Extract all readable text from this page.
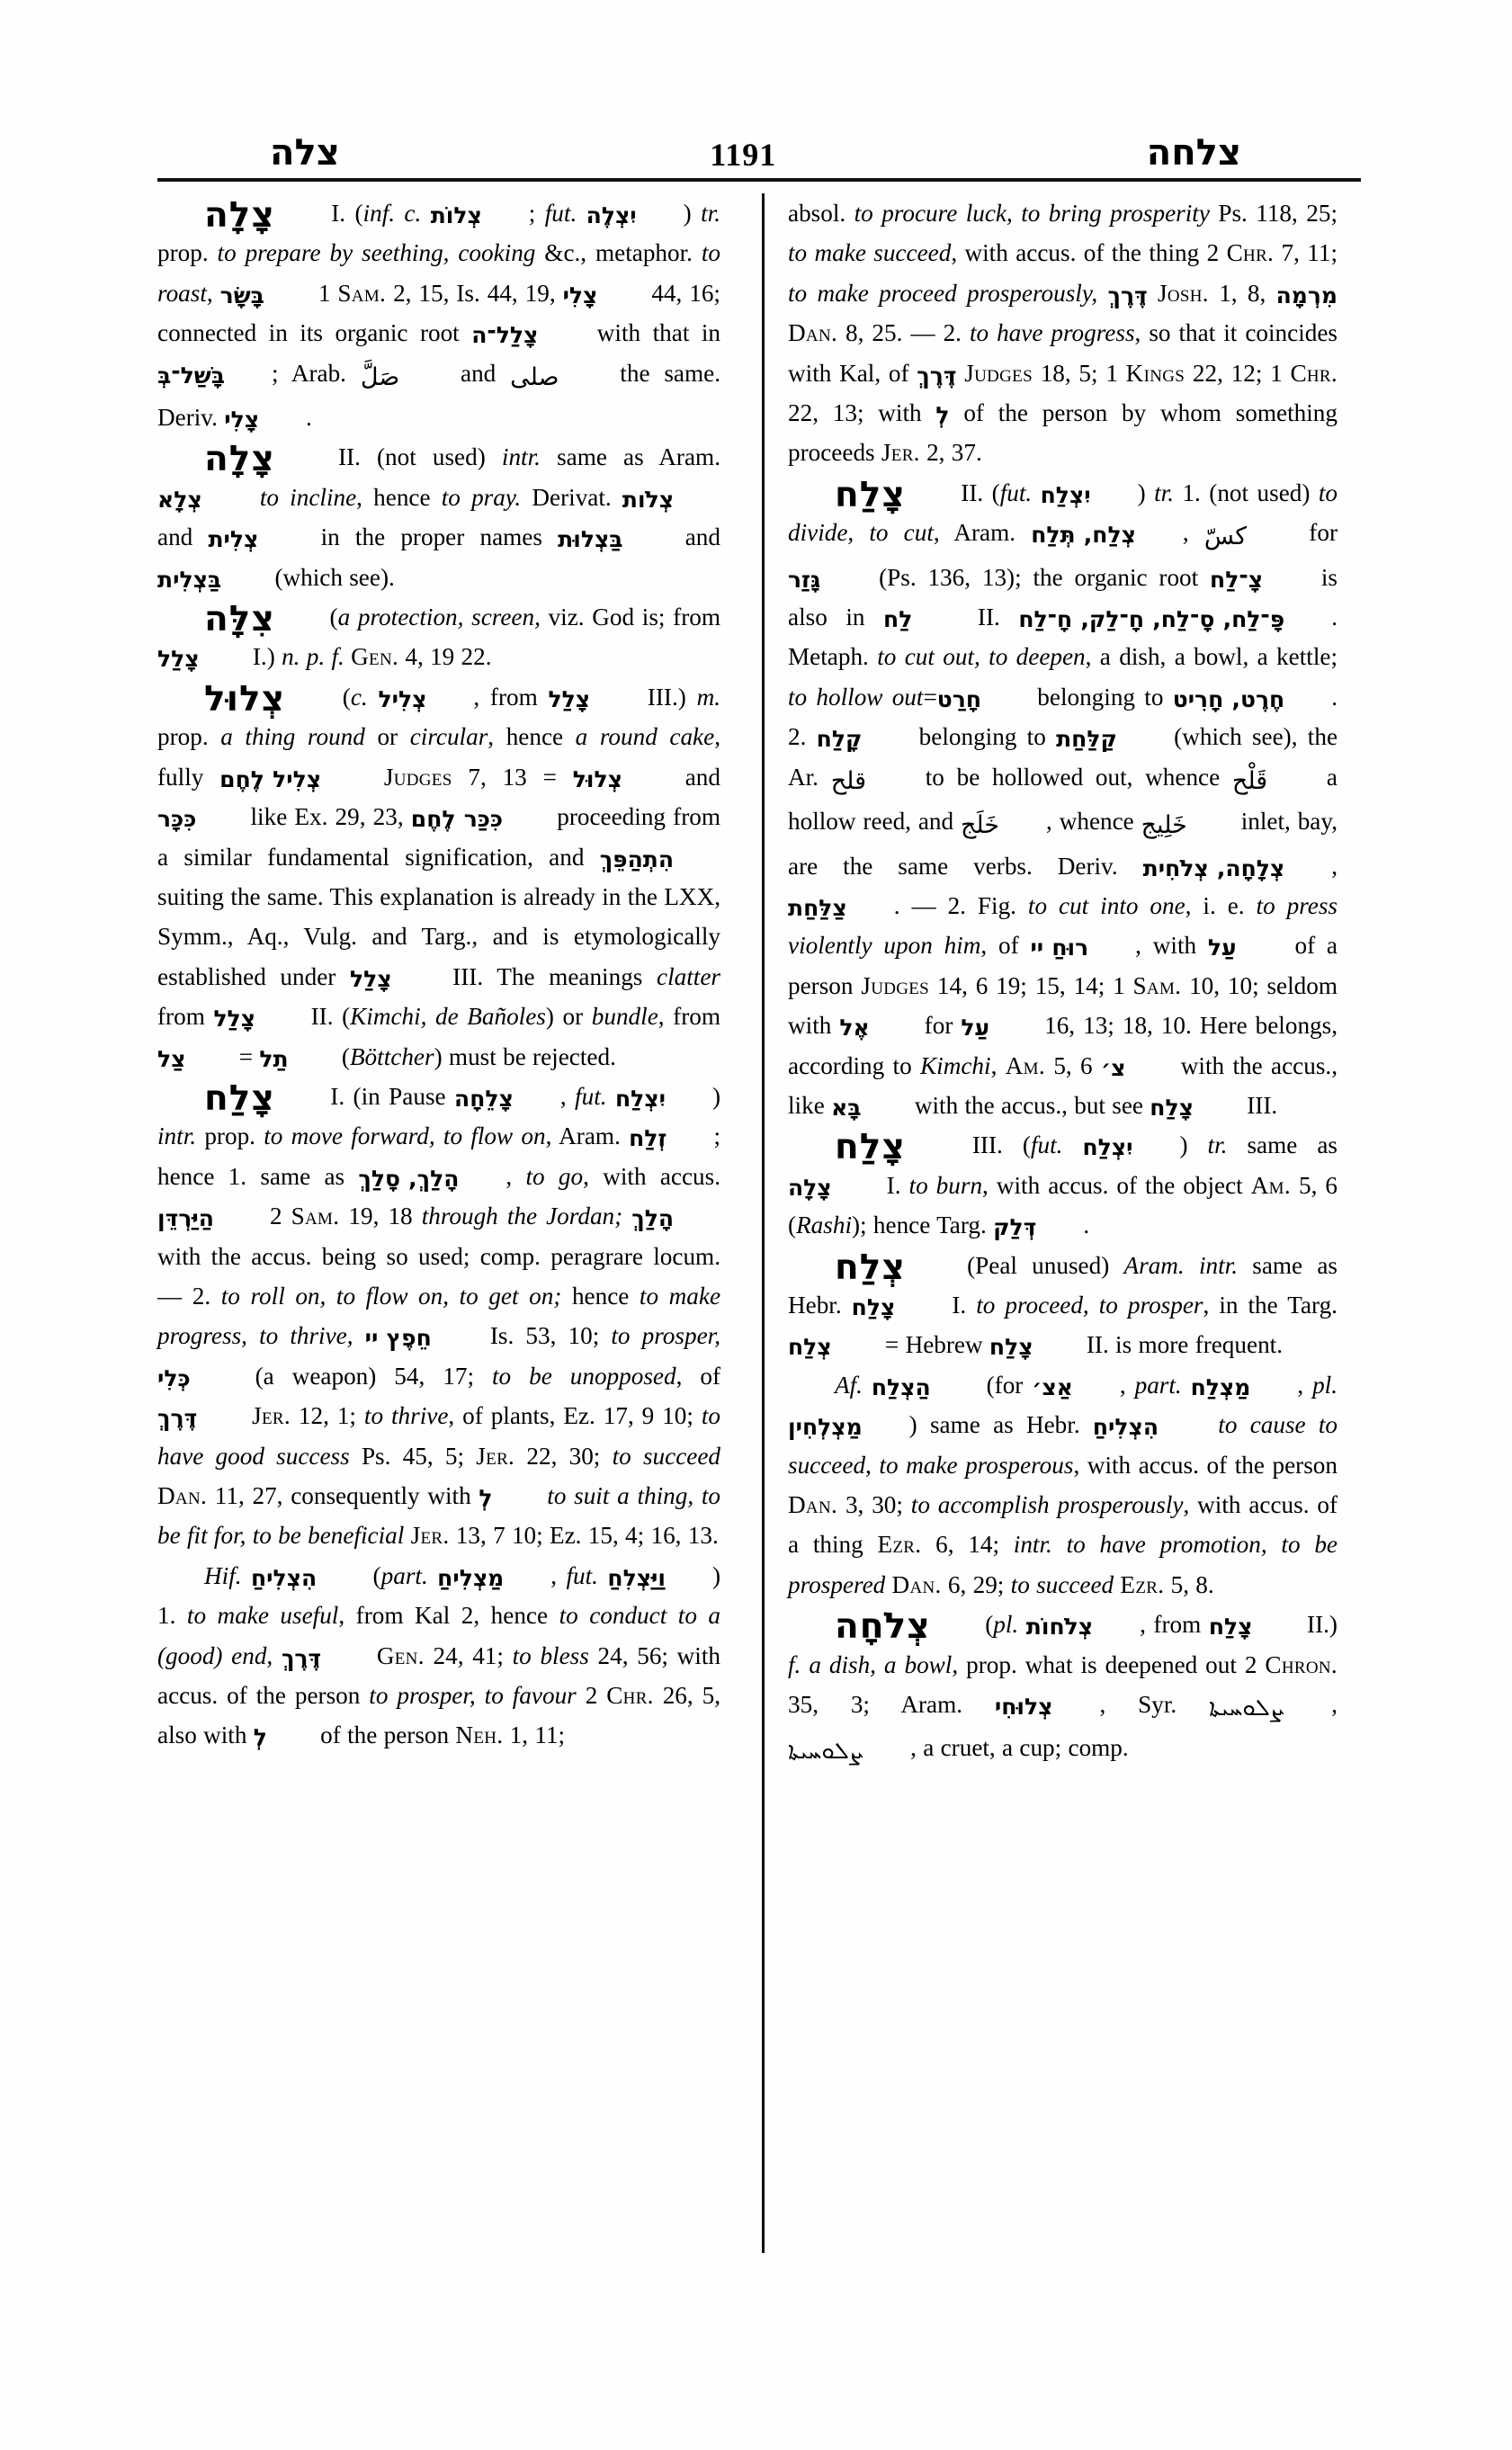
צלה	1191	צלחה

צָלָה I. (inf. c. צְלוֹת ; fut. יִצְלֶה ) tr. prop. to prepare by seething, cooking &c., metaphor. to roast, בָּשָׂר 1 Sam. 2, 15, Is. 44, 19, צָלִי 44, 16; connected in its organic root צָלַל־ה with that in בָּשַׁל־בְּ ; Arab. صَلَّ and صلى the same. Deriv. צָלִי .

צָלָה II. (not used) intr. same as Aram. צְלָא to incline, hence to pray. Derivat. צְלֹות and צְלִית in the proper names בַּצְלוּת and בַּצְלִית (which see).

צִלָּה (a protection, screen, viz. God is; from צָלַל I.) n. p. f. Gen. 4, 19 22.

צְלוּל (c. צְלִיל , from צָלַל III.) m. prop. a thing round or circular, hence a round cake, fully צְלִיל לֶחֶם	Judges 7, 13 = צְלוּל and כִּכָּר like Ex. 29, 23, כִּכַּר לֶחֶם proceeding from a similar fundamental signification, and הִתְהַפֵּךְ suiting the same. This explanation is already in the LXX, Symm., Aq., Vulg. and Targ., and is etymologically established under צָלַל III. The meanings clatter from צָלַל II. (Kimchi, de Bañoles) or bundle, from צַל = תַל (Böttcher) must be rejected.

צָלַח I. (in Pause צָלֵחָה , fut. יִצְלַח ) intr. prop. to move forward, to flow on, Aram. זְלַח ; hence 1. same as הָלַךְ, סָלַךְ , to go, with accus. הַיַּרְדֵּן 2 Sam. 19, 18 through the Jordan; הָלַךְ with the accus. being so used; comp. peragrare locum. — 2. to roll on, to flow on, to get on; hence to make progress, to thrive, חֵפֶץ יי Is. 53, 10; to prosper, כְּלִי (a weapon) 54, 17; to be unopposed, of דֶּרֶךְ Jer. 12, 1; to thrive, of plants, Ez. 17, 9 10; to have good success Ps. 45, 5; Jer. 22, 30; to succeed Dan. 11, 27, consequently with לְ to suit a thing, to be fit for, to be beneficial Jer. 13, 7 10; Ez. 15, 4; 16, 13.

Hif. הִצְלִיחַ (part. מַצְלִיחַ , fut. וַיַּצְלִחַ ) 1. to make useful, from Kal 2, hence to conduct to a (good) end, דֶּרֶךְ Gen. 24, 41; to bless 24, 56; with accus. of the person to prosper, to favour 2 Chr. 26, 5, also with לְ of the person Neh. 1, 11;

absol. to procure luck, to bring prosperity Ps. 118, 25; to make succeed, with accus. of the thing 2 Chr. 7, 11; to make proceed prosperously, דֶּרֶךְ Josh. 1, 8, מִרְמָה Dan. 8, 25. — 2. to have progress, so that it coincides with Kal, of דֶּרֶךְ Judges 18, 5; 1 Kings 22, 12; 1 Chr. 22, 13; with לְ of the person by whom something proceeds Jer. 2, 37.

צָלַח II. (fut. יִצְלַח ) tr. 1. (not used) to divide, to cut, Aram. צְלַח, תְּלַח , كسّ for גָּזַר (Ps. 136, 13); the organic root צָ־לַח is also in לַח II. פָּ־לַח, סָ־לַח, חָ־לַק, חָ־לַח . Metaph. to cut out, to deepen, a dish, a bowl, a kettle; to hollow out=חָרַט belonging to חֶרֶט, חָרִיט . 2. קָלַח belonging to קַלַּחַת (which see), the Ar. قلح to be hollowed out, whence قَلْح a hollow reed, and خَلَج , whence خَلِيج inlet, bay, are the same verbs. Deriv. צְלָחָה, צְלֹחִית , צַלַּחַת . — 2. Fig. to cut into one, i. e. to press violently upon him, of רוּחַ יי , with עַל of a person Judges 14, 6 19; 15, 14; 1 Sam. 10, 10; seldom with אֶל for עַל 16, 13; 18, 10. Here belongs, according to Kimchi, Am. 5, 6 צ׳ with the accus., like בָּא with the accus., but see צָלַח III.

צָלַח III. (fut. יִצְלַח ) tr. same as צָלָה I. to burn, with accus. of the object Am. 5, 6 (Rashi); hence Targ. דְּלַק .

צְלַח (Peal unused) Aram. intr. same as Hebr. צָלַח I. to proceed, to prosper, in the Targ. צְלַח = Hebrew צָלַח II. is more frequent.

Af. הַצְלַח (for אַצ׳ , part. מַצְלַח , pl. מַצְלְחִין ) same as Hebr. הִצְלִיחַ to cause to succeed, to make prosperous, with accus. of the person Dan. 3, 30; to accomplish prosperously, with accus. of a thing Ezr. 6, 14; intr. to have promotion, to be prospered Dan. 6, 29; to succeed Ezr. 5, 8.

צְלֹחָה (pl. צְלֹחוֹת , from צָלַח II.) f. a dish, a bowl, prop. what is deepened out 2 Chron. 35, 3; Aram. צְלוּחִי , Syr. ܨܠܘܚܝܬܐ , ܨܠܘܚܝܬܐ , a cruet, a cup; comp.
